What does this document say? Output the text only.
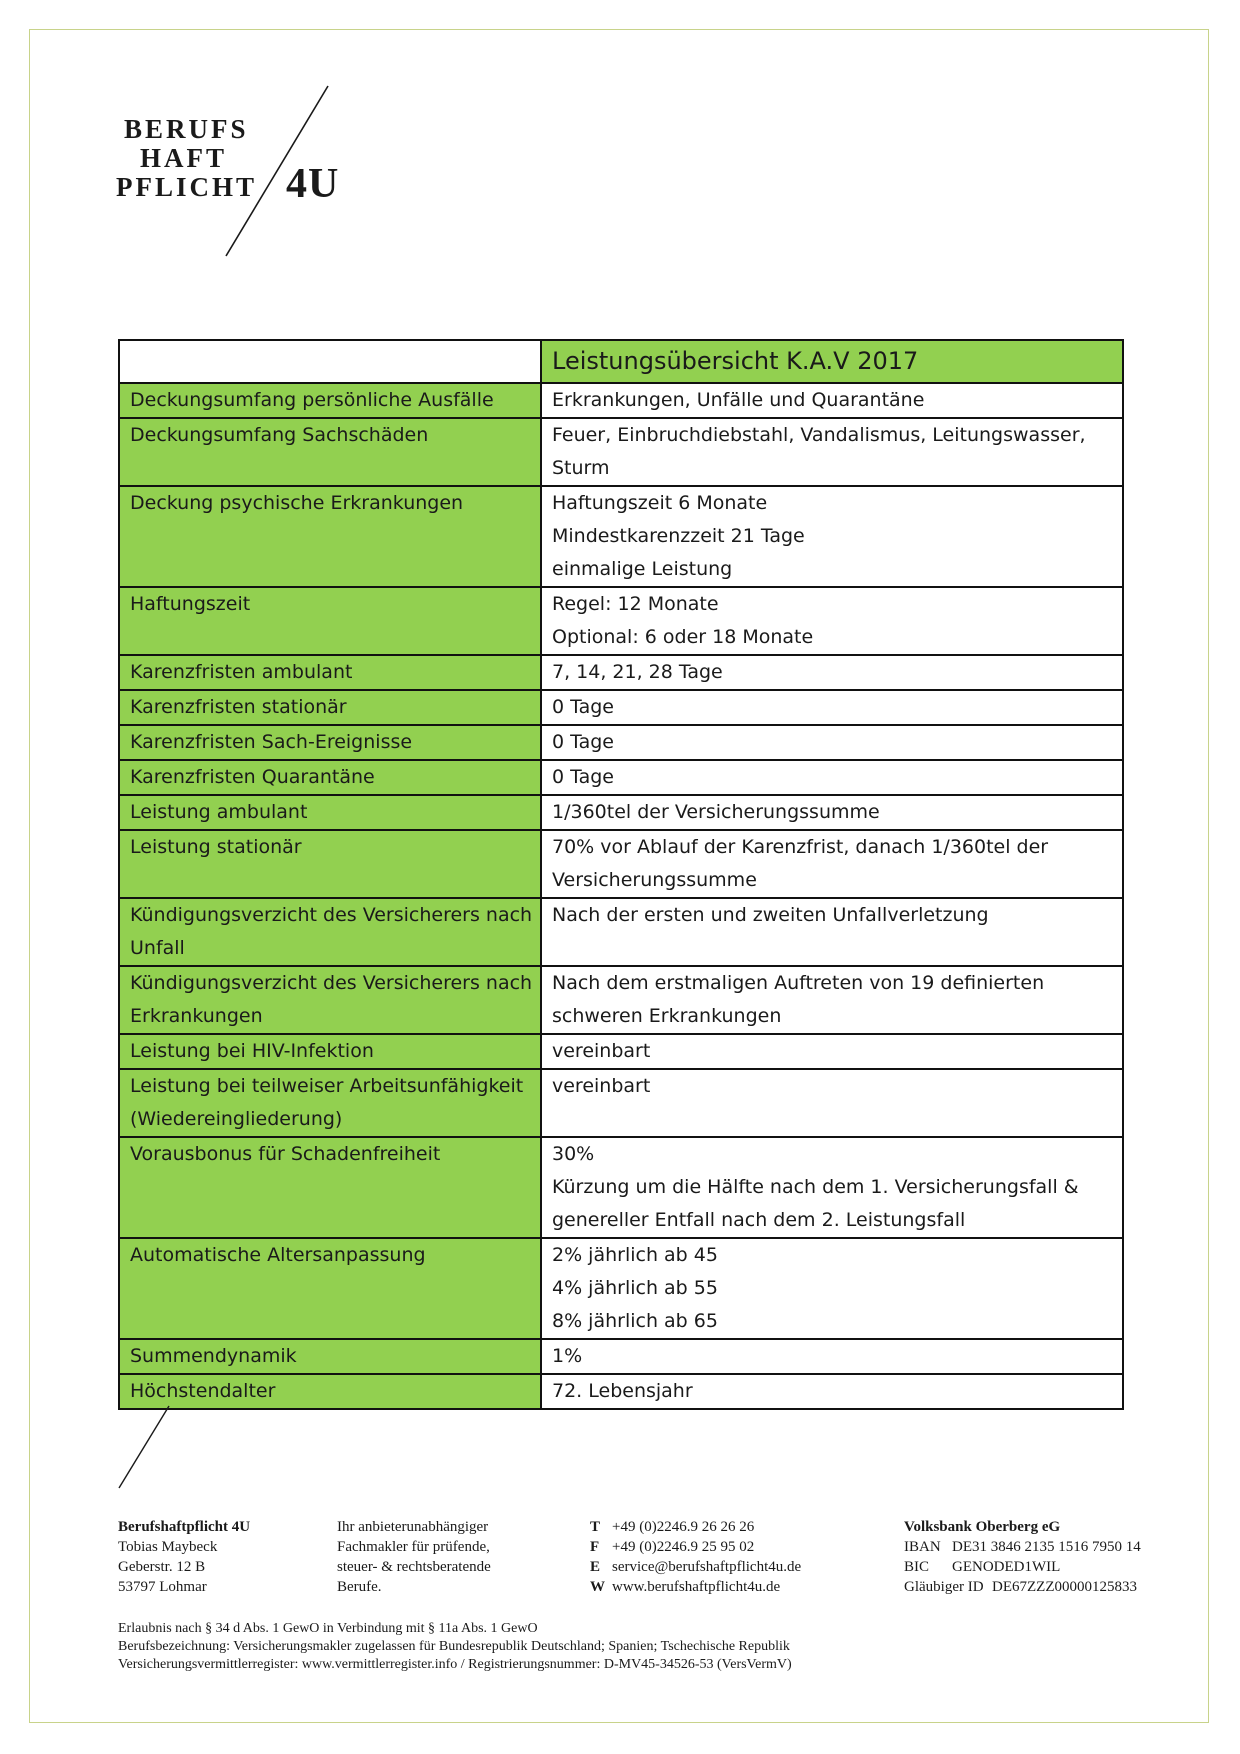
BERUFS
HAFT
PFLICHT 4U
	Leistungsübersicht K.A.V 2017

Deckungsumfang persönliche Ausfälle	Erkrankungen, Unfälle und Quarantäne

Deckungsumfang Sachschäden	Feuer, Einbruchdiebstahl, Vandalismus, Leitungswasser,
Sturm

Deckung psychische Erkrankungen	Haftungszeit 6 Monate
Mindestkarenzzeit 21 Tage
einmalige Leistung

Haftungszeit	Regel: 12 Monate
Optional: 6 oder 18 Monate

Karenzfristen ambulant	7, 14, 21, 28 Tage

Karenzfristen stationär	0 Tage

Karenzfristen Sach-Ereignisse	0 Tage

Karenzfristen Quarantäne	0 Tage

Leistung ambulant	1/360tel der Versicherungssumme

Leistung stationär	70% vor Ablauf der Karenzfrist, danach 1/360tel der
Versicherungssumme

Kündigungsverzicht des Versicherers nach
Unfall	Nach der ersten und zweiten Unfallverletzung

Kündigungsverzicht des Versicherers nach
Erkrankungen	Nach dem erstmaligen Auftreten von 19 definierten
schweren Erkrankungen

Leistung bei HIV-Infektion	vereinbart

Leistung bei teilweiser Arbeitsunfähigkeit
(Wiedereingliederung)	vereinbart

Vorausbonus für Schadenfreiheit	30%
Kürzung um die Hälfte nach dem 1. Versicherungsfall &
genereller Entfall nach dem 2. Leistungsfall

Automatische Altersanpassung	2% jährlich ab 45
4% jährlich ab 55
8% jährlich ab 65

Summendynamik	1%

Höchstendalter	72. Lebensjahr
Berufshaftpflicht 4U
Tobias Maybeck
Geberstr. 12 B
53797 Lohmar
Ihr anbieterunabhängiger
Fachmakler für prüfende,
steuer- & rechtsberatende
Berufe.
T +49 (0)2246.9 26 26 26
F +49 (0)2246.9 25 95 02
E service@berufshaftpflicht4u.de
W www.berufshaftpflicht4u.de
Volksbank Oberberg eG
IBAN DE31 3846 2135 1516 7950 14
BIC GENODED1WIL
Gläubiger ID DE67ZZZ00000125833
Erlaubnis nach § 34 d Abs. 1 GewO in Verbindung mit § 11a Abs. 1 GewO
Berufsbezeichnung: Versicherungsmakler zugelassen für Bundesrepublik Deutschland; Spanien; Tschechische Republik
Versicherungsvermittlerregister: www.vermittlerregister.info / Registrierungsnummer: D-MV45-34526-53 (VersVermV)
